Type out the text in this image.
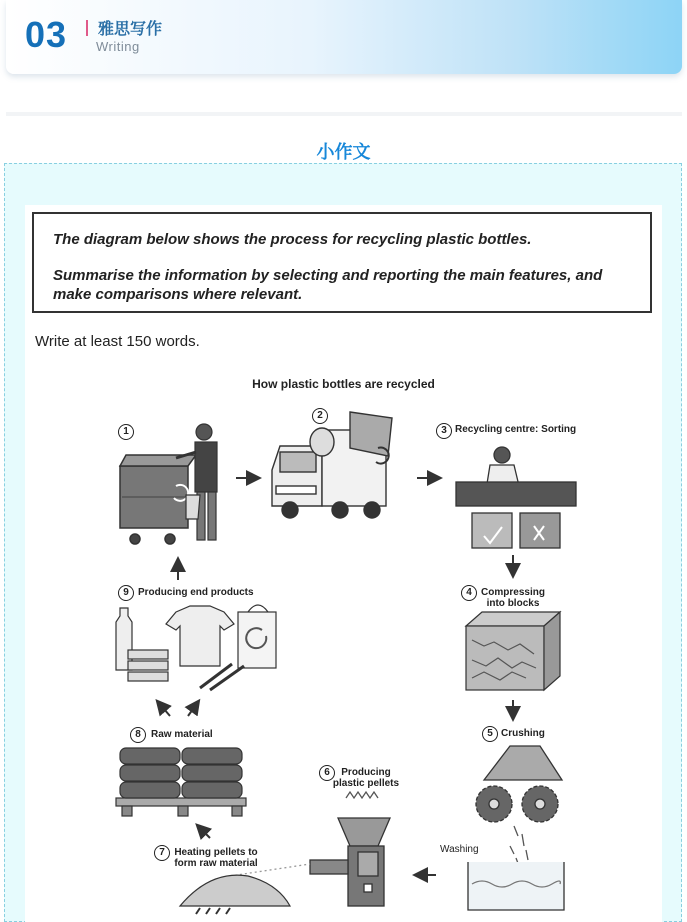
03 雅思写作
Writing
小作文

The diagram below shows the process for recycling plastic bottles.

Summarise the information by selecting and reporting the main features, and make comparisons where relevant.

Write at least 150 words.
How plastic bottles are recycled
1
2
3 Recycling centre: Sorting
4 Compressing into blocks
5 Crushing
6	Producing plastic pellets
7 Heating pellets to form raw material
8	Raw material
9 Producing end products
Washing
